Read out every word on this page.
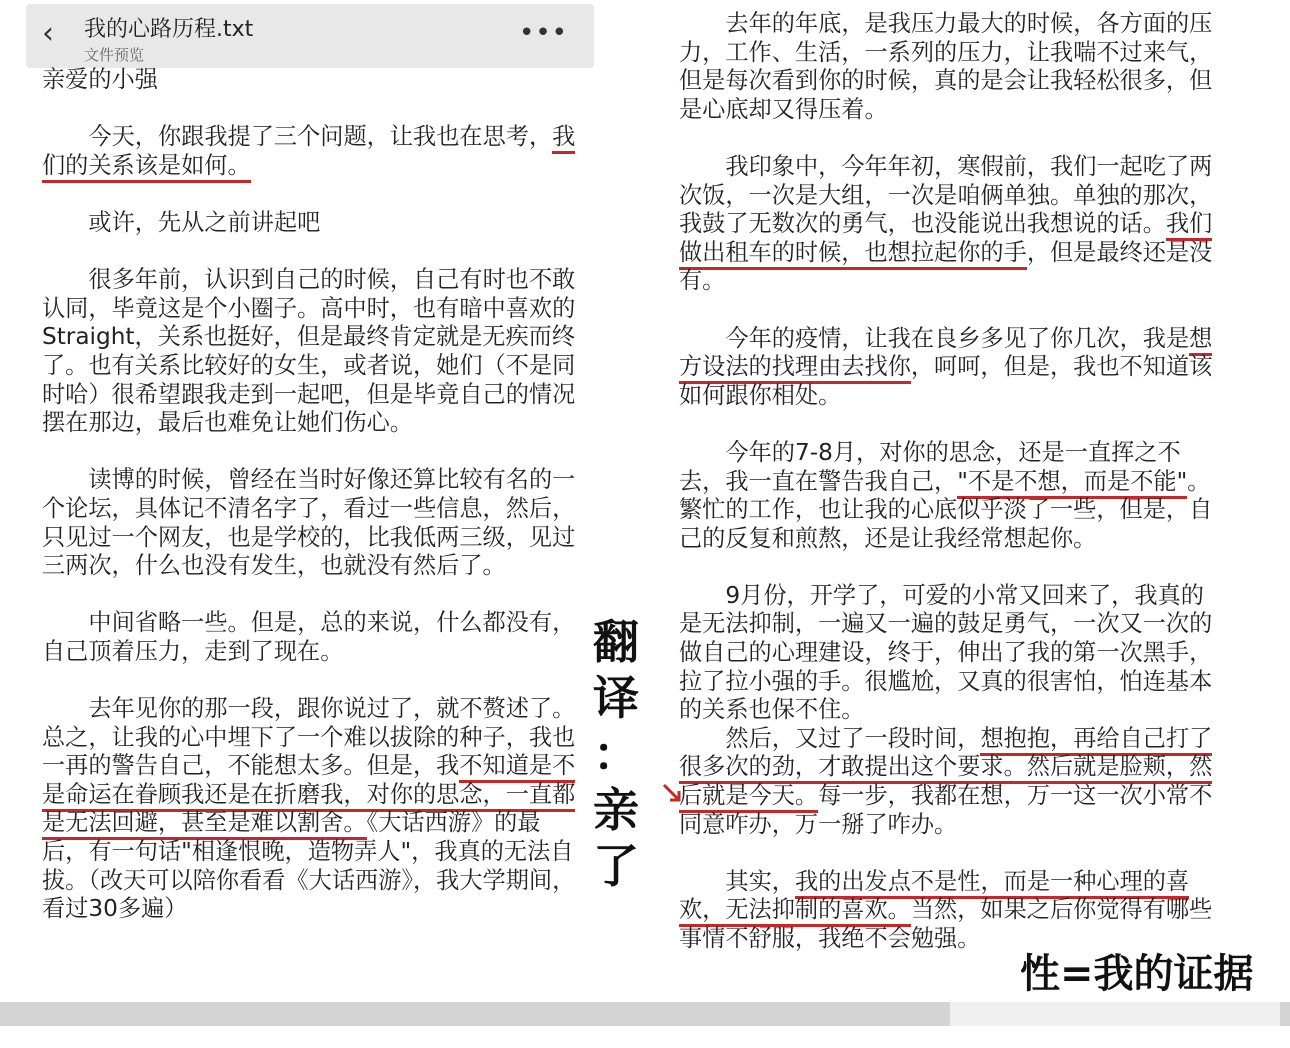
‹ 我的心路历程.txt
文件预览
•••

亲爱的小强

今天，你跟我提了三个问题，让我也在思考，我们的关系该是如何。

或许，先从之前讲起吧

很多年前，认识到自己的时候，自己有时也不敢认同，毕竟这是个小圈子。高中时，也有暗中喜欢的Straight，关系也挺好，但是最终肯定就是无疾而终了。也有关系比较好的女生，或者说，她们（不是同时哈）很希望跟我走到一起吧，但是毕竟自己的情况摆在那边，最后也难免让她们伤心。

读博的时候，曾经在当时好像还算比较有名的一个论坛，具体记不清名字了，看过一些信息，然后，只见过一个网友，也是学校的，比我低两三级，见过三两次，什么也没有发生，也就没有然后了。

中间省略一些。但是，总的来说，什么都没有，自己顶着压力，走到了现在。

去年见你的那一段，跟你说过了，就不赘述了。总之，让我的心中埋下了一个难以拔除的种子，我也一再的警告自己，不能想太多。但是，我不知道是不是命运在眷顾我还是在折磨我，对你的思念，一直都是无法回避，甚至是难以割舍。《大话西游》的最后，有一句话"相逢恨晚，造物弄人"，我真的无法自拔。（改天可以陪你看看《大话西游》，我大学期间，看过30多遍）

去年的年底，是我压力最大的时候，各方面的压力，工作、生活，一系列的压力，让我喘不过来气，但是每次看到你的时候，真的是会让我轻松很多，但是心底却又得压着。

我印象中，今年年初，寒假前，我们一起吃了两次饭，一次是大组，一次是咱俩单独。单独的那次，我鼓了无数次的勇气，也没能说出我想说的话。我们做出租车的时候，也想拉起你的手，但是最终还是没有。

今年的疫情，让我在良乡多见了你几次，我是想方设法的找理由去找你，呵呵，但是，我也不知道该如何跟你相处。

今年的7-8月，对你的思念，还是一直挥之不去，我一直在警告我自己，"不是不想，而是不能"。繁忙的工作，也让我的心底似乎淡了一些，但是，自己的反复和煎熬，还是让我经常想起你。

9月份，开学了，可爱的小常又回来了，我真的是无法抑制，一遍又一遍的鼓足勇气，一次又一次的做自己的心理建设，终于，伸出了我的第一次黑手，拉了拉小强的手。很尴尬，又真的很害怕，怕连基本的关系也保不住。

然后，又过了一段时间，想抱抱，再给自己打了很多次的劲，才敢提出这个要求。然后就是脸颊，然后就是今天。每一步，我都在想，万一这一次小常不同意咋办，万一掰了咋办。

其实，我的出发点不是性，而是一种心理的喜欢，无法抑制的喜欢。当然，如果之后你觉得有哪些事情不舒服，我绝不会勉强。

翻
译
：
亲
了
性=我的证据
